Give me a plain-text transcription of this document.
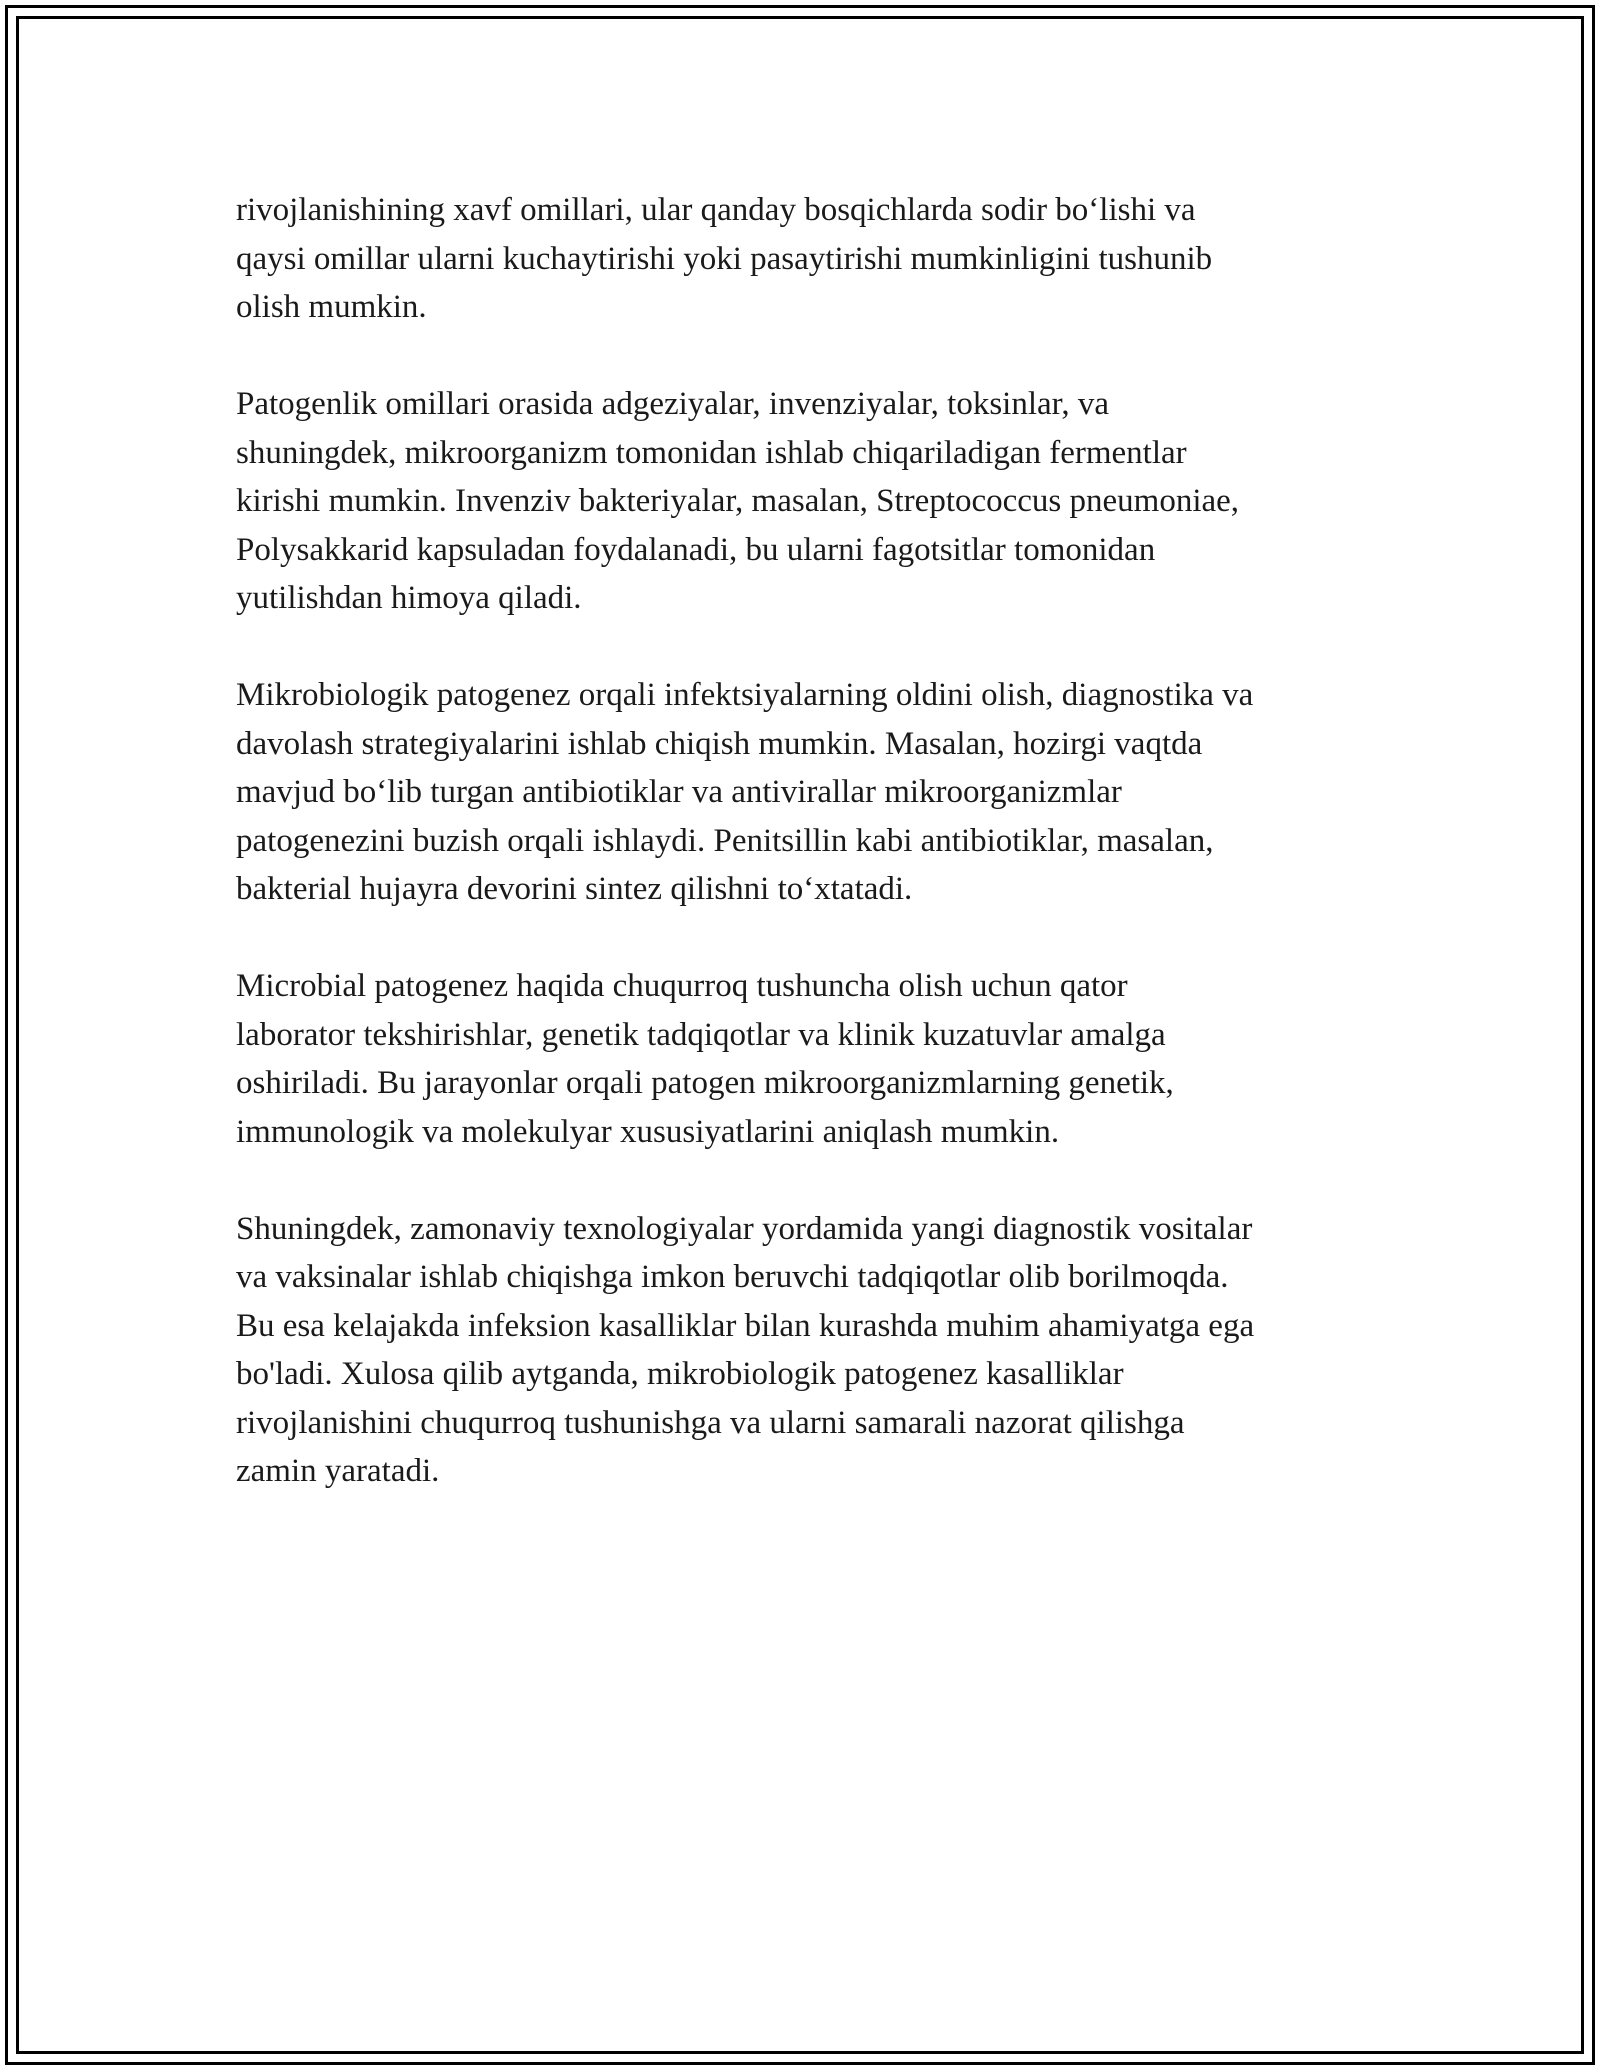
rivojlanishining xavf omillari, ular qanday bosqichlarda sodir bo‘lishi va
qaysi omillar ularni kuchaytirishi yoki pasaytirishi mumkinligini tushunib
olish mumkin.

Patogenlik omillari orasida adgeziyalar, invenziyalar, toksinlar, va
shuningdek, mikroorganizm tomonidan ishlab chiqariladigan fermentlar
kirishi mumkin. Invenziv bakteriyalar, masalan, Streptococcus pneumoniae,
Polysakkarid kapsuladan foydalanadi, bu ularni fagotsitlar tomonidan
yutilishdan himoya qiladi.

Mikrobiologik patogenez orqali infektsiyalarning oldini olish, diagnostika va
davolash strategiyalarini ishlab chiqish mumkin. Masalan, hozirgi vaqtda
mavjud bo‘lib turgan antibiotiklar va antivirallar mikroorganizmlar
patogenezini buzish orqali ishlaydi. Penitsillin kabi antibiotiklar, masalan,
bakterial hujayra devorini sintez qilishni to‘xtatadi.

Microbial patogenez haqida chuqurroq tushuncha olish uchun qator
laborator tekshirishlar, genetik tadqiqotlar va klinik kuzatuvlar amalga
oshiriladi. Bu jarayonlar orqali patogen mikroorganizmlarning genetik,
immunologik va molekulyar xususiyatlarini aniqlash mumkin.

Shuningdek, zamonaviy texnologiyalar yordamida yangi diagnostik vositalar
va vaksinalar ishlab chiqishga imkon beruvchi tadqiqotlar olib borilmoqda.
Bu esa kelajakda infeksion kasalliklar bilan kurashda muhim ahamiyatga ega
bo'ladi. Xulosa qilib aytganda, mikrobiologik patogenez kasalliklar
rivojlanishini chuqurroq tushunishga va ularni samarali nazorat qilishga
zamin yaratadi.
